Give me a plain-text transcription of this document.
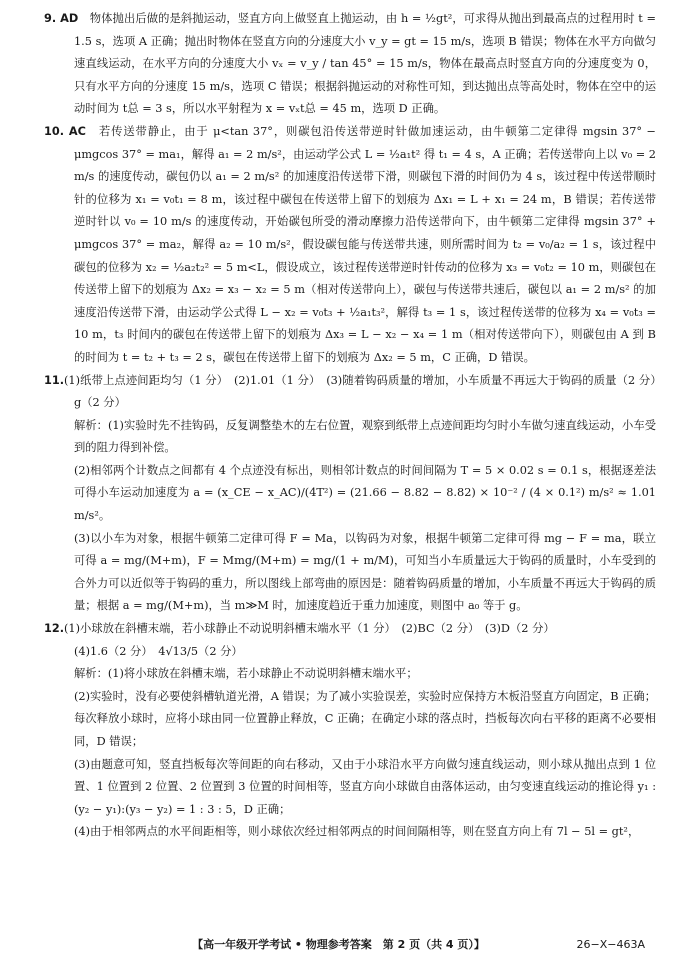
9. AD　 物体抛出后做的是斜抛运动，竖直方向上做竖直上抛运动，由 h = ½gt²，可求得从抛出到最高点的过程用时 t = 1.5 s，选项 A 正确；抛出时物体在竖直方向的分速度大小 v_y = gt = 15 m/s，选项 B 错误；物体在水平方向做匀速直线运动，在水平方向的分速度大小 vₓ = v_y / tan 45° = 15 m/s，物体在最高点时竖直方向的分速度变为 0，只有水平方向的分速度 15 m/s，选项 C 错误；根据斜抛运动的对称性可知，到达抛出点等高处时，物体在空中的运动时间为 t总 = 3 s，所以水平射程为 x = vₓt总 = 45 m，选项 D 正确。

10. AC　 若传送带静止，由于 μ<tan 37°，则碳包沿传送带逆时针做加速运动，由牛顿第二定律得 mgsin 37° − μmgcos 37° = ma₁，解得 a₁ = 2 m/s²，由运动学公式 L = ½a₁t² 得 t₁ = 4 s，A 正确；若传送带向上以 v₀ = 2 m/s 的速度传动，碳包仍以 a₁ = 2 m/s² 的加速度沿传送带下滑，则碳包下滑的时间仍为 4 s，该过程中传送带顺时针的位移为 x₁ = v₀t₁ = 8 m，该过程中碳包在传送带上留下的划痕为 Δx₁ = L + x₁ = 24 m，B 错误；若传送带逆时针以 v₀ = 10 m/s 的速度传动，开始碳包所受的滑动摩擦力沿传送带向下，由牛顿第二定律得 mgsin 37° + μmgcos 37° = ma₂，解得 a₂ = 10 m/s²，假设碳包能与传送带共速，则所需时间为 t₂ = v₀/a₂ = 1 s，该过程中碳包的位移为 x₂ = ½a₂t₂² = 5 m<L，假设成立，该过程传送带逆时针传动的位移为 x₃ = v₀t₂ = 10 m，则碳包在传送带上留下的划痕为 Δx₂ = x₃ − x₂ = 5 m（相对传送带向上），碳包与传送带共速后，碳包以 a₁ = 2 m/s² 的加速度沿传送带下滑，由运动学公式得 L − x₂ = v₀t₃ + ½a₁t₃²，解得 t₃ = 1 s，该过程传送带的位移为 x₄ = v₀t₃ = 10 m，t₃ 时间内的碳包在传送带上留下的划痕为 Δx₃ = L − x₂ − x₄ = 1 m（相对传送带向下），则碳包由 A 到 B 的时间为 t = t₂ + t₃ = 2 s，碳包在传送带上留下的划痕为 Δx₂ = 5 m，C 正确，D 错误。

11.(1)纸带上点迹间距均匀（1 分）　(2)1.01（1 分）　(3)随着钩码质量的增加，小车质量不再远大于钩码的质量（2 分）　g（2 分）

解析：(1)实验时先不挂钩码，反复调整垫木的左右位置，观察到纸带上点迹间距均匀时小车做匀速直线运动，小车受到的阻力得到补偿。

(2)相邻两个计数点之间都有 4 个点迹没有标出，则相邻计数点的时间间隔为 T = 5 × 0.02 s = 0.1 s，根据逐差法可得小车运动加速度为 a = (x_CE − x_AC)/(4T²) = (21.66 − 8.82 − 8.82) × 10⁻² / (4 × 0.1²) m/s² ≈ 1.01 m/s²。

(3)以小车为对象，根据牛顿第二定律可得 F = Ma，以钩码为对象，根据牛顿第二定律可得 mg − F = ma，联立可得 a = mg/(M+m)，F = Mmg/(M+m) = mg/(1 + m/M)，可知当小车质量远大于钩码的质量时，小车受到的合外力可以近似等于钩码的重力，所以图线上部弯曲的原因是：随着钩码质量的增加，小车质量不再远大于钩码的质量；根据 a = mg/(M+m)，当 m≫M 时，加速度趋近于重力加速度，则图中 a₀ 等于 g。

12.(1)小球放在斜槽末端，若小球静止不动说明斜槽末端水平（1 分）　(2)BC（2 分）　(3)D（2 分）

(4)1.6（2 分）　4√13/5（2 分）

解析：(1)将小球放在斜槽末端，若小球静止不动说明斜槽末端水平；

(2)实验时，没有必要使斜槽轨道光滑，A 错误；为了减小实验误差，实验时应保持方木板沿竖直方向固定，B 正确；每次释放小球时，应将小球由同一位置静止释放，C 正确；在确定小球的落点时，挡板每次向右平移的距离不必要相同，D 错误；

(3)由题意可知，竖直挡板每次等间距的向右移动，又由于小球沿水平方向做匀速直线运动，则小球从抛出点到 1 位置、1 位置到 2 位置、2 位置到 3 位置的时间相等，竖直方向小球做自由落体运动，由匀变速直线运动的推论得 y₁ :(y₂ − y₁):(y₃ − y₂) = 1 : 3 : 5，D 正确；

(4)由于相邻两点的水平间距相等，则小球依次经过相邻两点的时间间隔相等，则在竖直方向上有 7l − 5l = gt²，

【高一年级开学考试 • 物理参考答案　第 2 页（共 4 页）】	26−X−463A
